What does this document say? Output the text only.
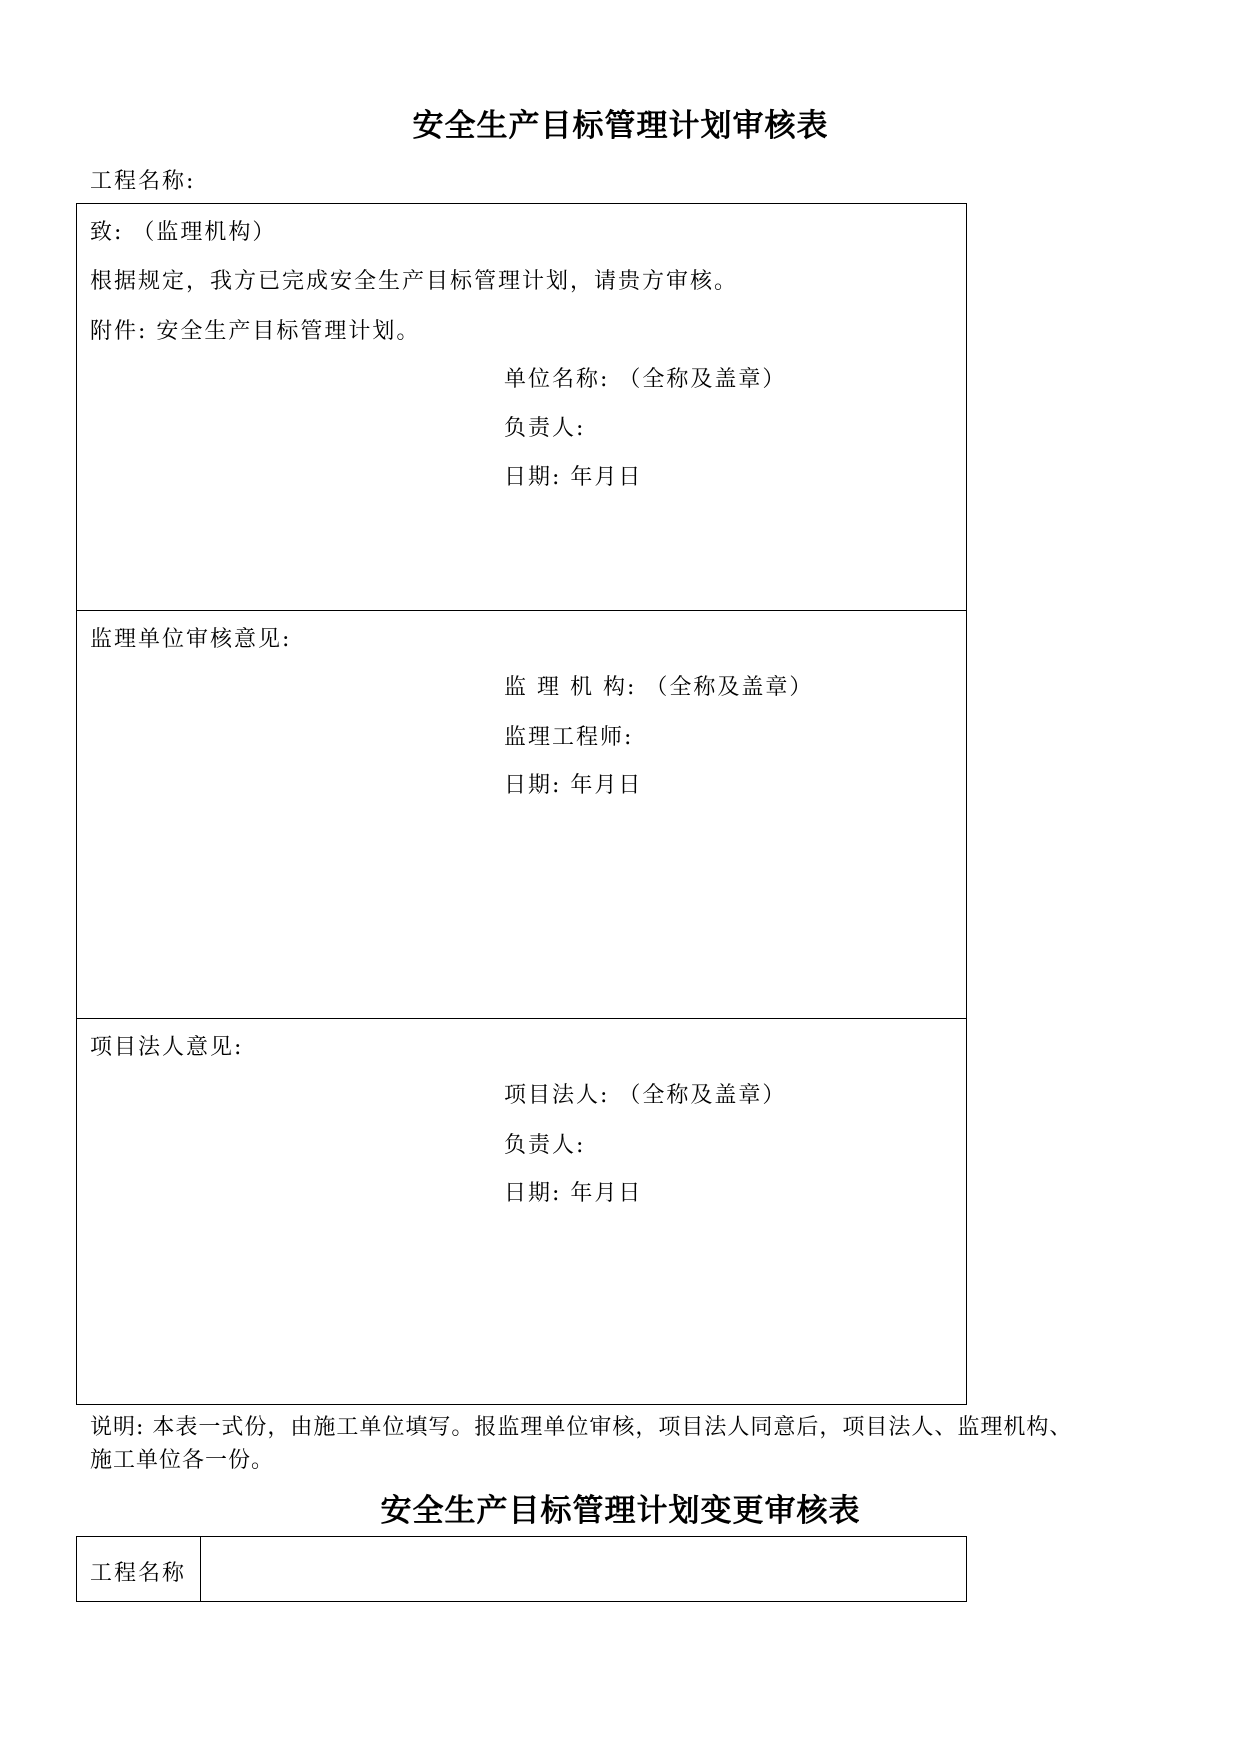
安全生产目标管理计划审核表
工程名称:
致: （监理机构）
根据规定，我方已完成安全生产目标管理计划，请贵方审核。
附件: 安全生产目标管理计划。
单位名称: （全称及盖章）
负责人:
日期: 年月日
监理单位审核意见:
监 理 机 构: （全称及盖章）
监理工程师:
日期: 年月日
项目法人意见:
项目法人: （全称及盖章）
负责人:
日期: 年月日
说明: 本表一式份，由施工单位填写。报监理单位审核，项目法人同意后，项目法人、监理机构、
施工单位各一份。
安全生产目标管理计划变更审核表
工程名称
